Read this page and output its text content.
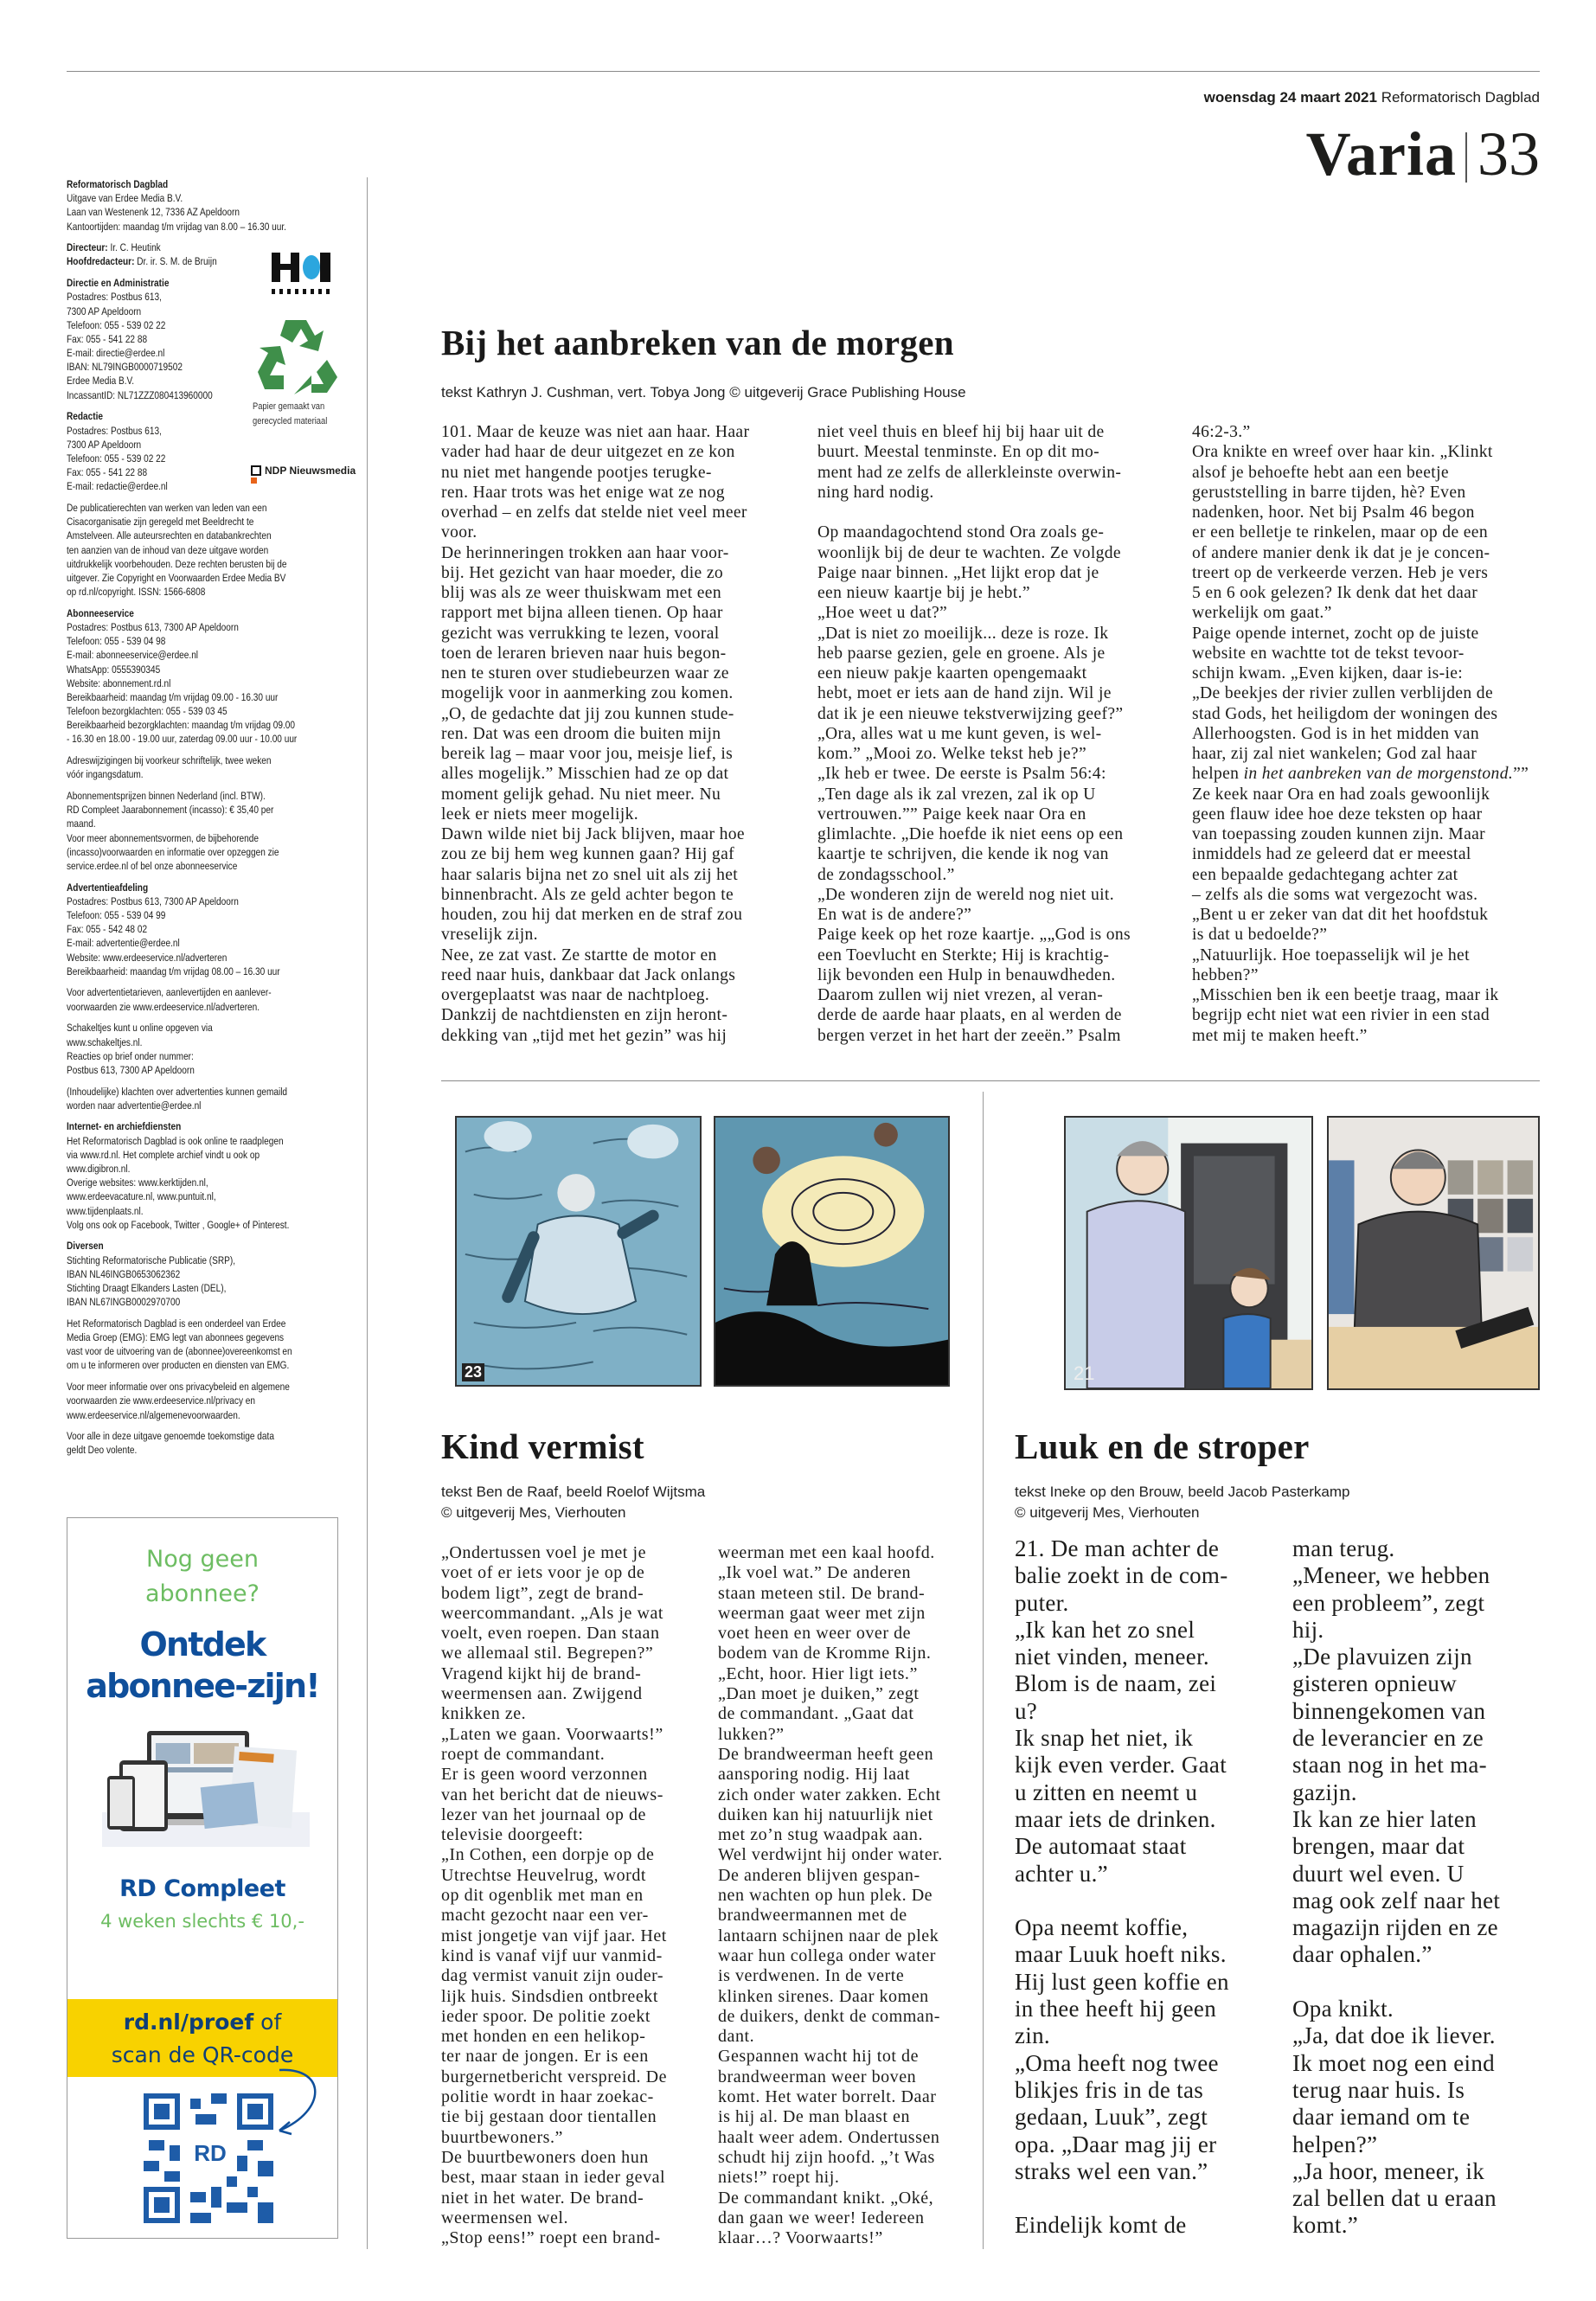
woensdag 24 maart 2021 Reformatorisch Dagblad
Varia 33
Reformatorisch Dagblad
Uitgave van Erdee Media B.V.
Laan van Westenenk 12, 7336 AZ Apeldoorn
Kantoortijden: maandag t/m vrijdag van 8.00 – 16.30 uur.
Directeur: Ir. C. Heutink
Hoofdredacteur: Dr. ir. S. M. de Bruijn
Directie en Administratie
Postadres: Postbus 613,
7300 AP Apeldoorn
Telefoon: 055 - 539 02 22
Fax: 055 - 541 22 88
E-mail: directie@erdee.nl
IBAN: NL79INGB0000719502
Erdee Media B.V.
IncassantID: NL71ZZZ080413960000
Redactie
Postadres: Postbus 613,
7300 AP Apeldoorn
Telefoon: 055 - 539 02 22
Fax: 055 - 541 22 88
E-mail: redactie@erdee.nl
De publicatierechten van werken van leden van een
Cisacorganisatie zijn geregeld met Beeldrecht te
Amstelveen. Alle auteursrechten en databankrechten
ten aanzien van de inhoud van deze uitgave worden
uitdrukkelijk voorbehouden. Deze rechten berusten bij de
uitgever. Zie Copyright en Voorwaarden Erdee Media BV
op rd.nl/copyright. ISSN: 1566-6808
Abonneeservice
Postadres: Postbus 613, 7300 AP Apeldoorn
Telefoon: 055 - 539 04 98
E-mail: abonneeservice@erdee.nl
WhatsApp: 0555390345
Website: abonnement.rd.nl
Bereikbaarheid: maandag t/m vrijdag 09.00 - 16.30 uur
Telefoon bezorgklachten: 055 - 539 03 45
Bereikbaarheid bezorgklachten: maandag t/m vrijdag 09.00
- 16.30 en 18.00 - 19.00 uur, zaterdag 09.00 uur - 10.00 uur
Adreswijzigingen bij voorkeur schriftelijk, twee weken
vóór ingangsdatum.
Abonnementsprijzen binnen Nederland (incl. BTW).
RD Compleet Jaarabonnement (incasso): € 35,40 per
maand.
Voor meer abonnementsvormen, de bijbehorende
(incasso)voorwaarden en informatie over opzeggen zie
service.erdee.nl of bel onze abonneeservice
Advertentieafdeling
Postadres: Postbus 613, 7300 AP Apeldoorn
Telefoon: 055 - 539 04 99
Fax: 055 - 542 48 02
E-mail: advertentie@erdee.nl
Website: www.erdeeservice.nl/adverteren
Bereikbaarheid: maandag t/m vrijdag 08.00 – 16.30 uur
Voor advertentietarieven, aanlevertijden en aanlever-
voorwaarden zie www.erdeeservice.nl/adverteren.
Schakeltjes kunt u online opgeven via
www.schakeltjes.nl.
Reacties op brief onder nummer:
Postbus 613, 7300 AP Apeldoorn
(Inhoudelijke) klachten over advertenties kunnen gemaild
worden naar advertentie@erdee.nl
Internet- en archiefdiensten
Het Reformatorisch Dagblad is ook online te raadplegen
via www.rd.nl. Het complete archief vindt u ook op
www.digibron.nl.
Overige websites: www.kerktijden.nl,
www.erdeevacature.nl, www.puntuit.nl,
www.tijdenplaats.nl.
Volg ons ook op Facebook, Twitter , Google+ of Pinterest.
Diversen
Stichting Reformatorische Publicatie (SRP),
IBAN NL46INGB0653062362
Stichting Draagt Elkanders Lasten (DEL),
IBAN NL67INGB0002970700
Het Reformatorisch Dagblad is een onderdeel van Erdee
Media Groep (EMG): EMG legt van abonnees gegevens
vast voor de uitvoering van de (abonnee)overeenkomst en
om u te informeren over producten en diensten van EMG.
Voor meer informatie over ons privacybeleid en algemene
voorwaarden zie www.erdeeservice.nl/privacy en
www.erdeeservice.nl/algemenevoorwaarden.
Voor alle in deze uitgave genoemde toekomstige data
geldt Deo volente.
Papier gemaakt van
gerecycled materiaal
NDP Nieuwsmedia
Nog geen
abonnee?
Ontdek
abonnee-zijn!
RD Compleet
4 weken slechts € 10,-
rd.nl/proef of
scan de QR-code
RD
Bij het aanbreken van de morgen
tekst Kathryn J. Cushman, vert. Tobya Jong © uitgeverij Grace Publishing House
101. Maar de keuze was niet aan haar. Haar
vader had haar de deur uitgezet en ze kon
nu niet met hangende pootjes terugke-
ren. Haar trots was het enige wat ze nog
overhad – en zelfs dat stelde niet veel meer
voor.
De herinneringen trokken aan haar voor-
bij. Het gezicht van haar moeder, die zo
blij was als ze weer thuiskwam met een
rapport met bijna alleen tienen. Op haar
gezicht was verrukking te lezen, vooral
toen de leraren brieven naar huis begon-
nen te sturen over studiebeurzen waar ze
mogelijk voor in aanmerking zou komen.
„O, de gedachte dat jij zou kunnen stude-
ren. Dat was een droom die buiten mijn
bereik lag – maar voor jou, meisje lief, is
alles mogelijk.” Misschien had ze op dat
moment gelijk gehad. Nu niet meer. Nu
leek er niets meer mogelijk.
Dawn wilde niet bij Jack blijven, maar hoe
zou ze bij hem weg kunnen gaan? Hij gaf
haar salaris bijna net zo snel uit als zij het
binnenbracht. Als ze geld achter begon te
houden, zou hij dat merken en de straf zou
vreselijk zijn.
Nee, ze zat vast. Ze startte de motor en
reed naar huis, dankbaar dat Jack onlangs
overgeplaatst was naar de nachtploeg.
Dankzij de nachtdiensten en zijn heront-
dekking van „tijd met het gezin” was hij
niet veel thuis en bleef hij bij haar uit de
buurt. Meestal tenminste. En op dit mo-
ment had ze zelfs de allerkleinste overwin-
ning hard nodig.
Op maandagochtend stond Ora zoals ge-
woonlijk bij de deur te wachten. Ze volgde
Paige naar binnen. „Het lijkt erop dat je
een nieuw kaartje bij je hebt.”
„Hoe weet u dat?”
„Dat is niet zo moeilijk... deze is roze. Ik
heb paarse gezien, gele en groene. Als je
een nieuw pakje kaarten opengemaakt
hebt, moet er iets aan de hand zijn. Wil je
dat ik je een nieuwe tekstverwijzing geef?”
„Ora, alles wat u me kunt geven, is wel-
kom.” „Mooi zo. Welke tekst heb je?”
„Ik heb er twee. De eerste is Psalm 56:4:
„Ten dage als ik zal vrezen, zal ik op U
vertrouwen.”” Paige keek naar Ora en
glimlachte. „Die hoefde ik niet eens op een
kaartje te schrijven, die kende ik nog van
de zondagsschool.”
„De wonderen zijn de wereld nog niet uit.
En wat is de andere?”
Paige keek op het roze kaartje. „„God is ons
een Toevlucht en Sterkte; Hij is krachtig-
lijk bevonden een Hulp in benauwdheden.
Daarom zullen wij niet vrezen, al veran-
derde de aarde haar plaats, en al werden de
bergen verzet in het hart der zeeën.” Psalm
46:2-3.”
Ora knikte en wreef over haar kin. „Klinkt
alsof je behoefte hebt aan een beetje
geruststelling in barre tijden, hè? Even
nadenken, hoor. Net bij Psalm 46 begon
er een belletje te rinkelen, maar op de een
of andere manier denk ik dat je je concen-
treert op de verkeerde verzen. Heb je vers
5 en 6 ook gelezen? Ik denk dat het daar
werkelijk om gaat.”
Paige opende internet, zocht op de juiste
website en wachtte tot de tekst tevoor-
schijn kwam. „Even kijken, daar is-ie:
„De beekjes der rivier zullen verblijden de
stad Gods, het heiligdom der woningen des
Allerhoogsten. God is in het midden van
haar, zij zal niet wankelen; God zal haar
helpen in het aanbreken van de morgenstond.””
Ze keek naar Ora en had zoals gewoonlijk
geen flauw idee hoe deze teksten op haar
van toepassing zouden kunnen zijn. Maar
inmiddels had ze geleerd dat er meestal
een bepaalde gedachtegang achter zat
– zelfs als die soms wat vergezocht was.
„Bent u er zeker van dat dit het hoofdstuk
is dat u bedoelde?”
„Natuurlijk. Hoe toepasselijk wil je het
hebben?”
„Misschien ben ik een beetje traag, maar ik
begrijp echt niet wat een rivier in een stad
met mij te maken heeft.”
23
Kind vermist
tekst Ben de Raaf, beeld Roelof Wijtsma
© uitgeverij Mes, Vierhouten
„Ondertussen voel je met je
voet of er iets voor je op de
bodem ligt”, zegt de brand-
weercommandant. „Als je wat
voelt, even roepen. Dan staan
we allemaal stil. Begrepen?”
Vragend kijkt hij de brand-
weermensen aan. Zwijgend
knikken ze.
„Laten we gaan. Voorwaarts!”
roept de commandant.
Er is geen woord verzonnen
van het bericht dat de nieuws-
lezer van het journaal op de
televisie doorgeeft:
„In Cothen, een dorpje op de
Utrechtse Heuvelrug, wordt
op dit ogenblik met man en
macht gezocht naar een ver-
mist jongetje van vijf jaar. Het
kind is vanaf vijf uur vanmid-
dag vermist vanuit zijn ouder-
lijk huis. Sindsdien ontbreekt
ieder spoor. De politie zoekt
met honden en een helikop-
ter naar de jongen. Er is een
burgernetbericht verspreid. De
politie wordt in haar zoekac-
tie bij gestaan door tientallen
buurtbewoners.”
De buurtbewoners doen hun
best, maar staan in ieder geval
niet in het water. De brand-
weermensen wel.
„Stop eens!” roept een brand-
weerman met een kaal hoofd.
„Ik voel wat.” De anderen
staan meteen stil. De brand-
weerman gaat weer met zijn
voet heen en weer over de
bodem van de Kromme Rijn.
„Echt, hoor. Hier ligt iets.”
„Dan moet je duiken,” zegt
de commandant. „Gaat dat
lukken?”
De brandweerman heeft geen
aansporing nodig. Hij laat
zich onder water zakken. Echt
duiken kan hij natuurlijk niet
met zo’n stug waadpak aan.
Wel verdwijnt hij onder water.
De anderen blijven gespan-
nen wachten op hun plek. De
brandweermannen met de
lantaarn schijnen naar de plek
waar hun collega onder water
is verdwenen. In de verte
klinken sirenes. Daar komen
de duikers, denkt de comman-
dant.
Gespannen wacht hij tot de
brandweerman weer boven
komt. Het water borrelt. Daar
is hij al. De man blaast en
haalt weer adem. Ondertussen
schudt hij zijn hoofd. „’t Was
niets!” roept hij.
De commandant knikt. „Oké,
dan gaan we weer! Iedereen
klaar…? Voorwaarts!”
21
Luuk en de stroper
tekst Ineke op den Brouw, beeld Jacob Pasterkamp
© uitgeverij Mes, Vierhouten
21. De man achter de
balie zoekt in de com-
puter.
„Ik kan het zo snel
niet vinden, meneer.
Blom is de naam, zei
u?
Ik snap het niet, ik
kijk even verder. Gaat
u zitten en neemt u
maar iets de drinken.
De automaat staat
achter u.”
Opa neemt koffie,
maar Luuk hoeft niks.
Hij lust geen koffie en
in thee heeft hij geen
zin.
„Oma heeft nog twee
blikjes fris in de tas
gedaan, Luuk”, zegt
opa. „Daar mag jij er
straks wel een van.”
Eindelijk komt de
man terug.
„Meneer, we hebben
een probleem”, zegt
hij.
„De plavuizen zijn
gisteren opnieuw
binnengekomen van
de leverancier en ze
staan nog in het ma-
gazijn.
Ik kan ze hier laten
brengen, maar dat
duurt wel even. U
mag ook zelf naar het
magazijn rijden en ze
daar ophalen.”
Opa knikt.
„Ja, dat doe ik liever.
Ik moet nog een eind
terug naar huis. Is
daar iemand om te
helpen?”
„Ja hoor, meneer, ik
zal bellen dat u eraan
komt.”
